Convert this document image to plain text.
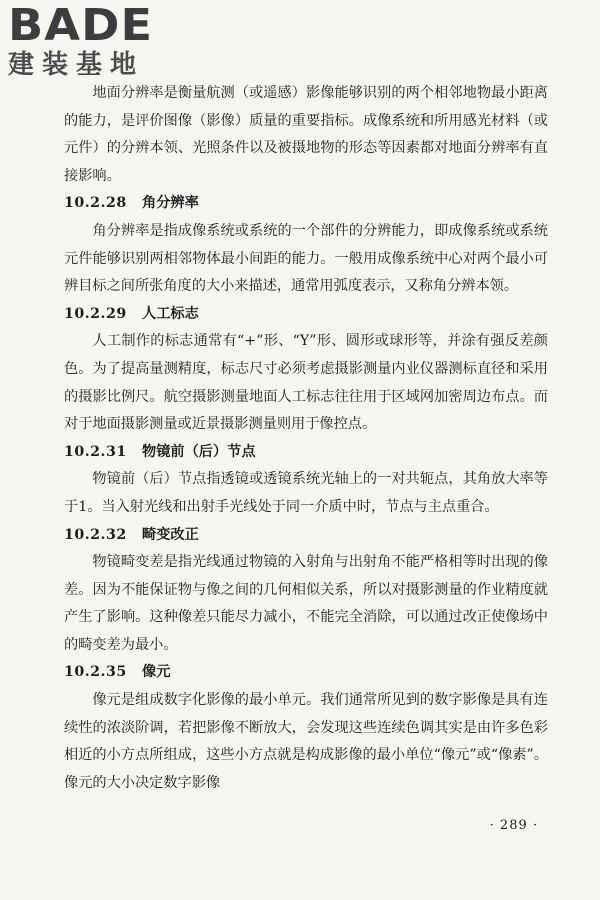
BADE
建装基地

地面分辨率是衡量航测（或遥感）影像能够识别的两个相邻地物最小距离的能力，是评价图像（影像）质量的重要指标。成像系统和所用感光材料（或元件）的分辨本领、光照条件以及被摄地物的形态等因素都对地面分辨率有直接影响。

10.2.28 角分辨率

角分辨率是指成像系统或系统的一个部件的分辨能力，即成像系统或系统元件能够识别两相邻物体最小间距的能力。一般用成像系统中心对两个最小可辨目标之间所张角度的大小来描述，通常用弧度表示，又称角分辨本领。

10.2.29 人工标志

人工制作的标志通常有“+”形、“Y”形、圆形或球形等，并涂有强反差颜色。为了提高量测精度，标志尺寸必须考虑摄影测量内业仪器测标直径和采用的摄影比例尺。航空摄影测量地面人工标志往往用于区域网加密周边布点。而对于地面摄影测量或近景摄影测量则用于像控点。

10.2.31 物镜前（后）节点

物镜前（后）节点指透镜或透镜系统光轴上的一对共轭点，其角放大率等于1。当入射光线和出射手光线处于同一介质中时，节点与主点重合。

10.2.32 畸变改正

物镜畸变差是指光线通过物镜的入射角与出射角不能严格相等时出现的像差。因为不能保证物与像之间的几何相似关系，所以对摄影测量的作业精度就产生了影响。这种像差只能尽力减小，不能完全消除，可以通过改正使像场中的畸变差为最小。

10.2.35 像元

像元是组成数字化影像的最小单元。我们通常所见到的数字影像是具有连续性的浓淡阶调，若把影像不断放大，会发现这些连续色调其实是由许多色彩相近的小方点所组成，这些小方点就是构成影像的最小单位“像元”或“像素”。像元的大小决定数字影像

· 289 ·
